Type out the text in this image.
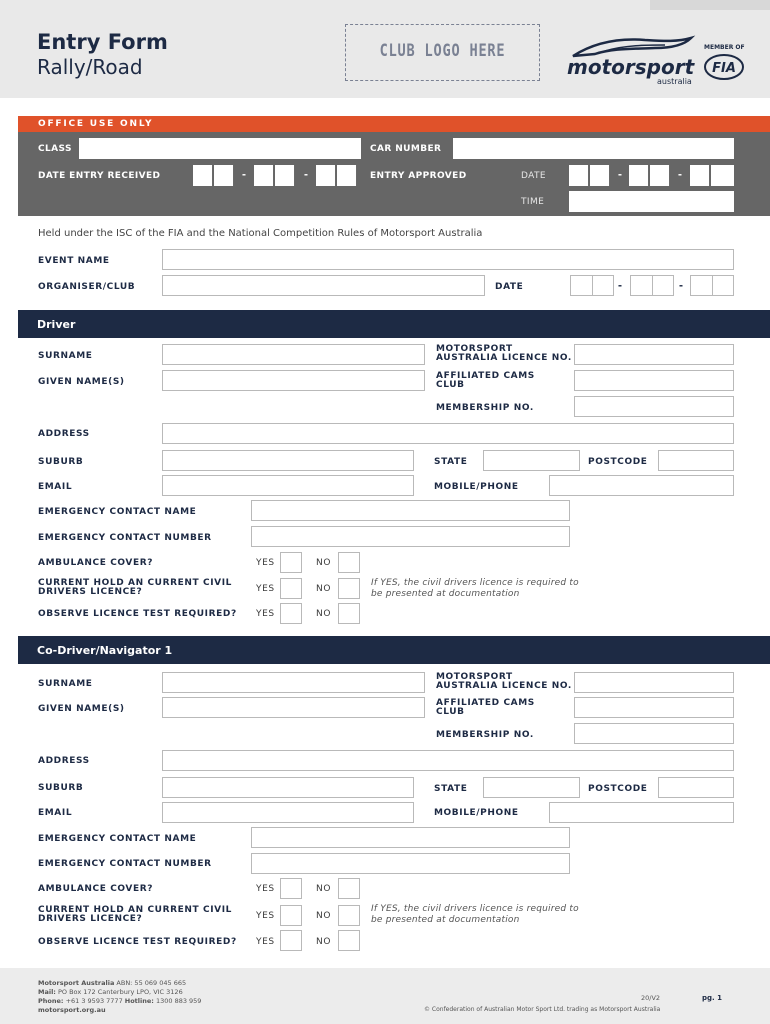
Entry Form
Rally/Road
CLUB LOGO HERE
motorsport
australia
MEMBER OF
FIA
OFFICE USE ONLY
CLASS	CAR NUMBER
DATE ENTRY RECEIVED	-	-	ENTRY APPROVED	DATE	-	-
TIME
Held under the ISC of the FIA and the National Competition Rules of Motorsport Australia
EVENT NAME
ORGANISER/CLUB	DATE	-	-
Driver
SURNAME
MOTORSPORT
AUSTRALIA LICENCE NO.
GIVEN NAME(S)
AFFILIATED CAMS
CLUB
MEMBERSHIP NO.
ADDRESS
SUBURB	STATE	POSTCODE
EMAIL	MOBILE/PHONE
EMERGENCY CONTACT NAME
EMERGENCY CONTACT NUMBER
AMBULANCE COVER?	YES	NO
CURRENT HOLD AN CURRENT CIVIL
DRIVERS LICENCE?	YES	NO
If YES, the civil drivers licence is required to
be presented at documentation
OBSERVE LICENCE TEST REQUIRED? YES	NO
Co-Driver/Navigator 1
SURNAME
MOTORSPORT
AUSTRALIA LICENCE NO.
GIVEN NAME(S)
AFFILIATED CAMS
CLUB
MEMBERSHIP NO.
ADDRESS
SUBURB	STATE	POSTCODE
EMAIL	MOBILE/PHONE
EMERGENCY CONTACT NAME
EMERGENCY CONTACT NUMBER
AMBULANCE COVER?	YES	NO
CURRENT HOLD AN CURRENT CIVIL
DRIVERS LICENCE?	YES	NO
If YES, the civil drivers licence is required to
be presented at documentation
OBSERVE LICENCE TEST REQUIRED? YES	NO
Motorsport Australia ABN: 55 069 045 665
Mail: PO Box 172 Canterbury LPO, VIC 3126
Phone: +61 3 9593 7777 Hotline: 1300 883 959
motorsport.org.au
20/V2
© Confederation of Australian Motor Sport Ltd. trading as Motorsport Australia
pg. 1
